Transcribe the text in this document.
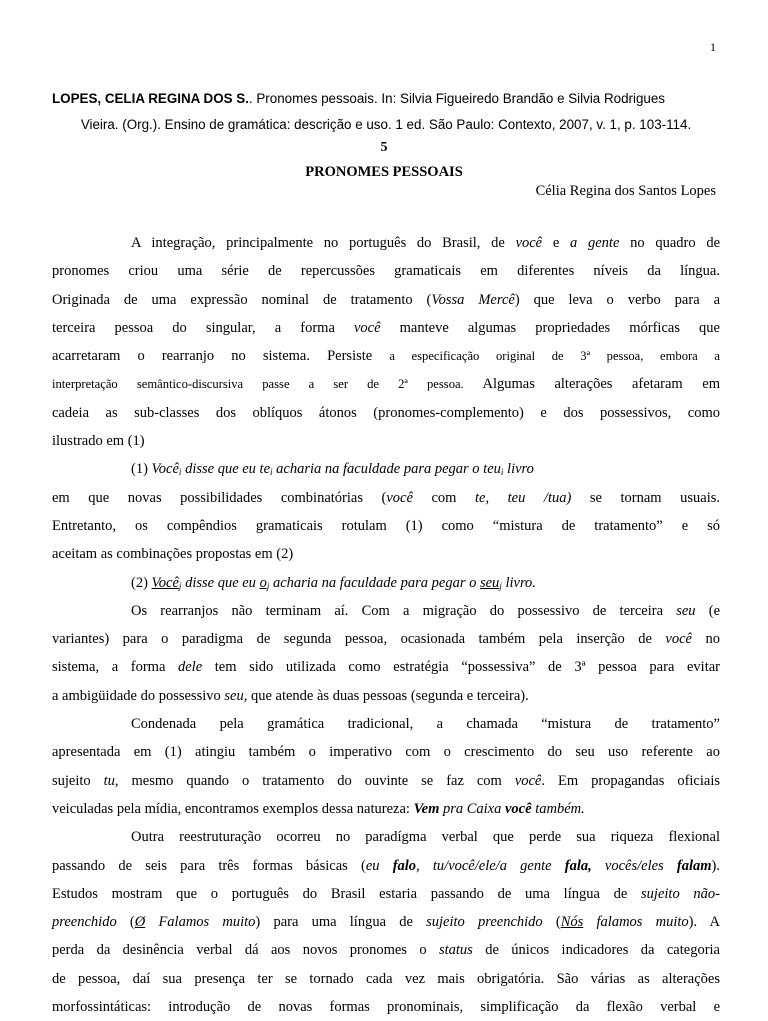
1
LOPES, CELIA REGINA DOS S.. Pronomes pessoais. In: Silvia Figueiredo Brandão e Silvia Rodrigues
Vieira. (Org.). Ensino de gramática: descrição e uso. 1 ed. São Paulo: Contexto, 2007, v. 1, p. 103-114.
5
PRONOMES PESSOAIS
Célia Regina dos Santos Lopes
A integração, principalmente no português do Brasil, de você e a gente no quadro de
pronomes criou uma série de repercussões gramaticais em diferentes níveis da língua.
Originada de uma expressão nominal de tratamento (Vossa Mercê) que leva o verbo para a
terceira pessoa do singular, a forma você manteve algumas propriedades mórficas que
acarretaram o rearranjo no sistema. Persiste a especificação original de 3ª pessoa, embora a
interpretação semântico-discursiva passe a ser de 2ª pessoa. Algumas alterações afetaram em
cadeia as sub-classes dos oblíquos átonos (pronomes-complemento) e dos possessivos, como
ilustrado em (1)
(1) Você$_i$ disse que eu $te_i$ acharia na faculdade para pegar o teu$_i$ livro
em que novas possibilidades combinatórias (você com te, teu /tua) se tornam usuais.
Entretanto, os compêndios gramaticais rotulam (1) como “mistura de tratamento” e só
aceitam as combinações propostas em (2)
(2) Você$_j$ disse que eu $o_j$ acharia na faculdade para pegar o seu$_j$ livro.
Os rearranjos não terminam aí. Com a migração do possessivo de terceira seu (e
variantes) para o paradigma de segunda pessoa, ocasionada também pela inserção de você no
sistema, a forma dele tem sido utilizada como estratégia “possessiva” de 3ª pessoa para evitar
a ambigüidade do possessivo seu, que atende às duas pessoas (segunda e terceira).
Condenada pela gramática tradicional, a chamada “mistura de tratamento”
apresentada em (1) atingiu também o imperativo com o crescimento do seu uso referente ao
sujeito tu, mesmo quando o tratamento do ouvinte se faz com você. Em propagandas oficiais
veiculadas pela mídia, encontramos exemplos dessa natureza: Vem pra Caixa você também.
Outra reestruturação ocorreu no paradígma verbal que perde sua riqueza flexional
passando de seis para três formas básicas (eu falo, tu/você/ele/a gente fala, vocês/eles falam).
Estudos mostram que o português do Brasil estaria passando de uma língua de sujeito não-
preenchido (Ø Falamos muito) para uma língua de sujeito preenchido (Nós falamos muito). A
perda da desinência verbal dá aos novos pronomes o status de únicos indicadores da categoria
de pessoa, daí sua presença ter se tornado cada vez mais obrigatória. São várias as alterações
morfossintáticas: introdução de novas formas pronominais, simplificação da flexão verbal e
